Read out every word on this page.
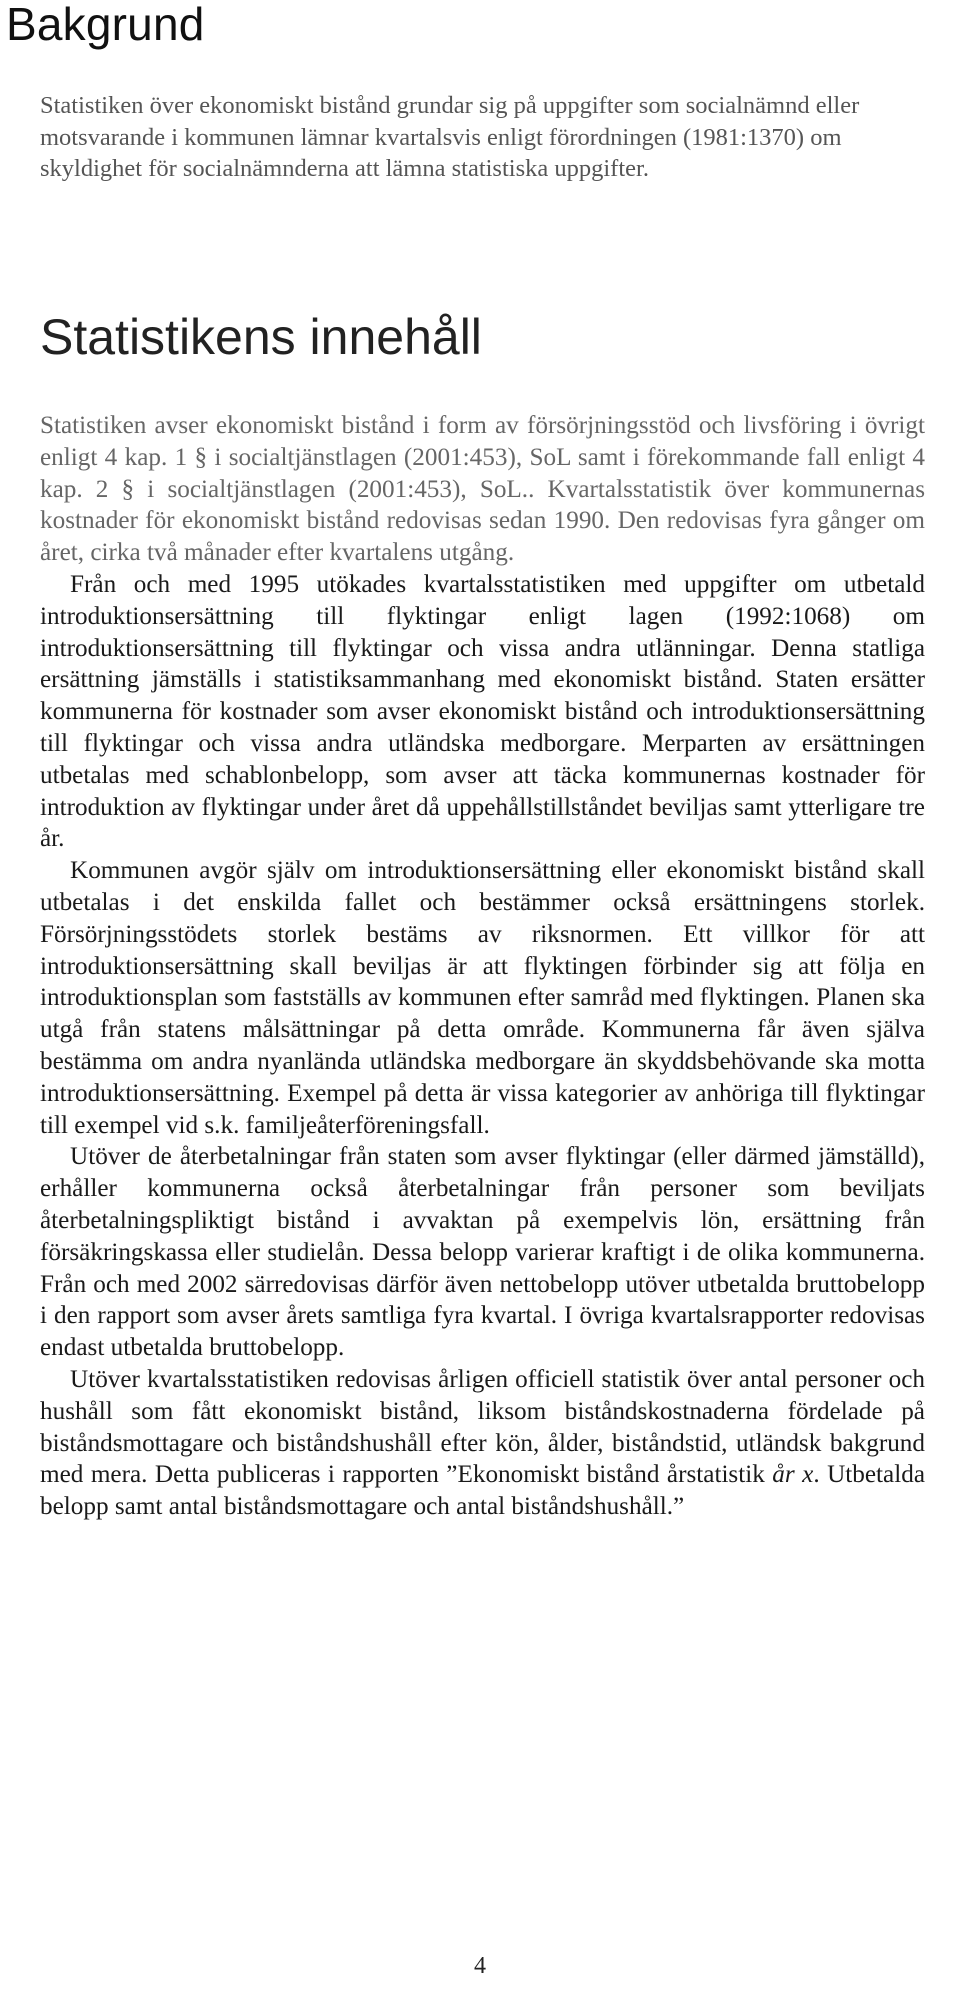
Bakgrund

Statistiken över ekonomiskt bistånd grundar sig på uppgifter som socialnämnd eller motsvarande i kommunen lämnar kvartalsvis enligt förordningen (1981:1370) om skyldighet för socialnämnderna att lämna statistiska uppgifter.

Statistikens innehåll

Statistiken avser ekonomiskt bistånd i form av försörjningsstöd och livsföring i övrigt enligt 4 kap. 1 § i socialtjänstlagen (2001:453), SoL samt i förekommande fall enligt 4 kap. 2 § i socialtjänstlagen (2001:453), SoL.. Kvartalsstatistik över kommunernas kostnader för ekonomiskt bistånd redovisas sedan 1990. Den redovisas fyra gånger om året, cirka två månader efter kvartalens utgång.

Från och med 1995 utökades kvartalsstatistiken med uppgifter om utbetald introduktionsersättning till flyktingar enligt lagen (1992:1068) om introduktionsersättning till flyktingar och vissa andra utlänningar. Denna statliga ersättning jämställs i statistiksammanhang med ekonomiskt bistånd. Staten ersätter kommunerna för kostnader som avser ekonomiskt bistånd och introduktionsersättning till flyktingar och vissa andra utländska medborgare. Merparten av ersättningen utbetalas med schablonbelopp, som avser att täcka kommunernas kostnader för introduktion av flyktingar under året då uppehållstillståndet beviljas samt ytterligare tre år.

Kommunen avgör själv om introduktionsersättning eller ekonomiskt bistånd skall utbetalas i det enskilda fallet och bestämmer också ersättningens storlek. Försörjningsstödets storlek bestäms av riksnormen. Ett villkor för att introduktionsersättning skall beviljas är att flyktingen förbinder sig att följa en introduktionsplan som fastställs av kommunen efter samråd med flyktingen. Planen ska utgå från statens målsättningar på detta område. Kommunerna får även själva bestämma om andra nyanlända utländska medborgare än skyddsbehövande ska motta introduktionsersättning. Exempel på detta är vissa kategorier av anhöriga till flyktingar till exempel vid s.k. familjeåterföreningsfall.

Utöver de återbetalningar från staten som avser flyktingar (eller därmed jämställd), erhåller kommunerna också återbetalningar från personer som beviljats återbetalningspliktigt bistånd i avvaktan på exempelvis lön, ersättning från försäkringskassa eller studielån. Dessa belopp varierar kraftigt i de olika kommunerna. Från och med 2002 särredovisas därför även nettobelopp utöver utbetalda bruttobelopp i den rapport som avser årets samtliga fyra kvartal. I övriga kvartalsrapporter redovisas endast utbetalda bruttobelopp.

Utöver kvartalsstatistiken redovisas årligen officiell statistik över antal personer och hushåll som fått ekonomiskt bistånd, liksom biståndskostnaderna fördelade på biståndsmottagare och biståndshushåll efter kön, ålder, biståndstid, utländsk bakgrund med mera. Detta publiceras i rapporten ”Ekonomiskt bistånd årstatistik år x. Utbetalda belopp samt antal biståndsmottagare och antal biståndshushåll.”

4
